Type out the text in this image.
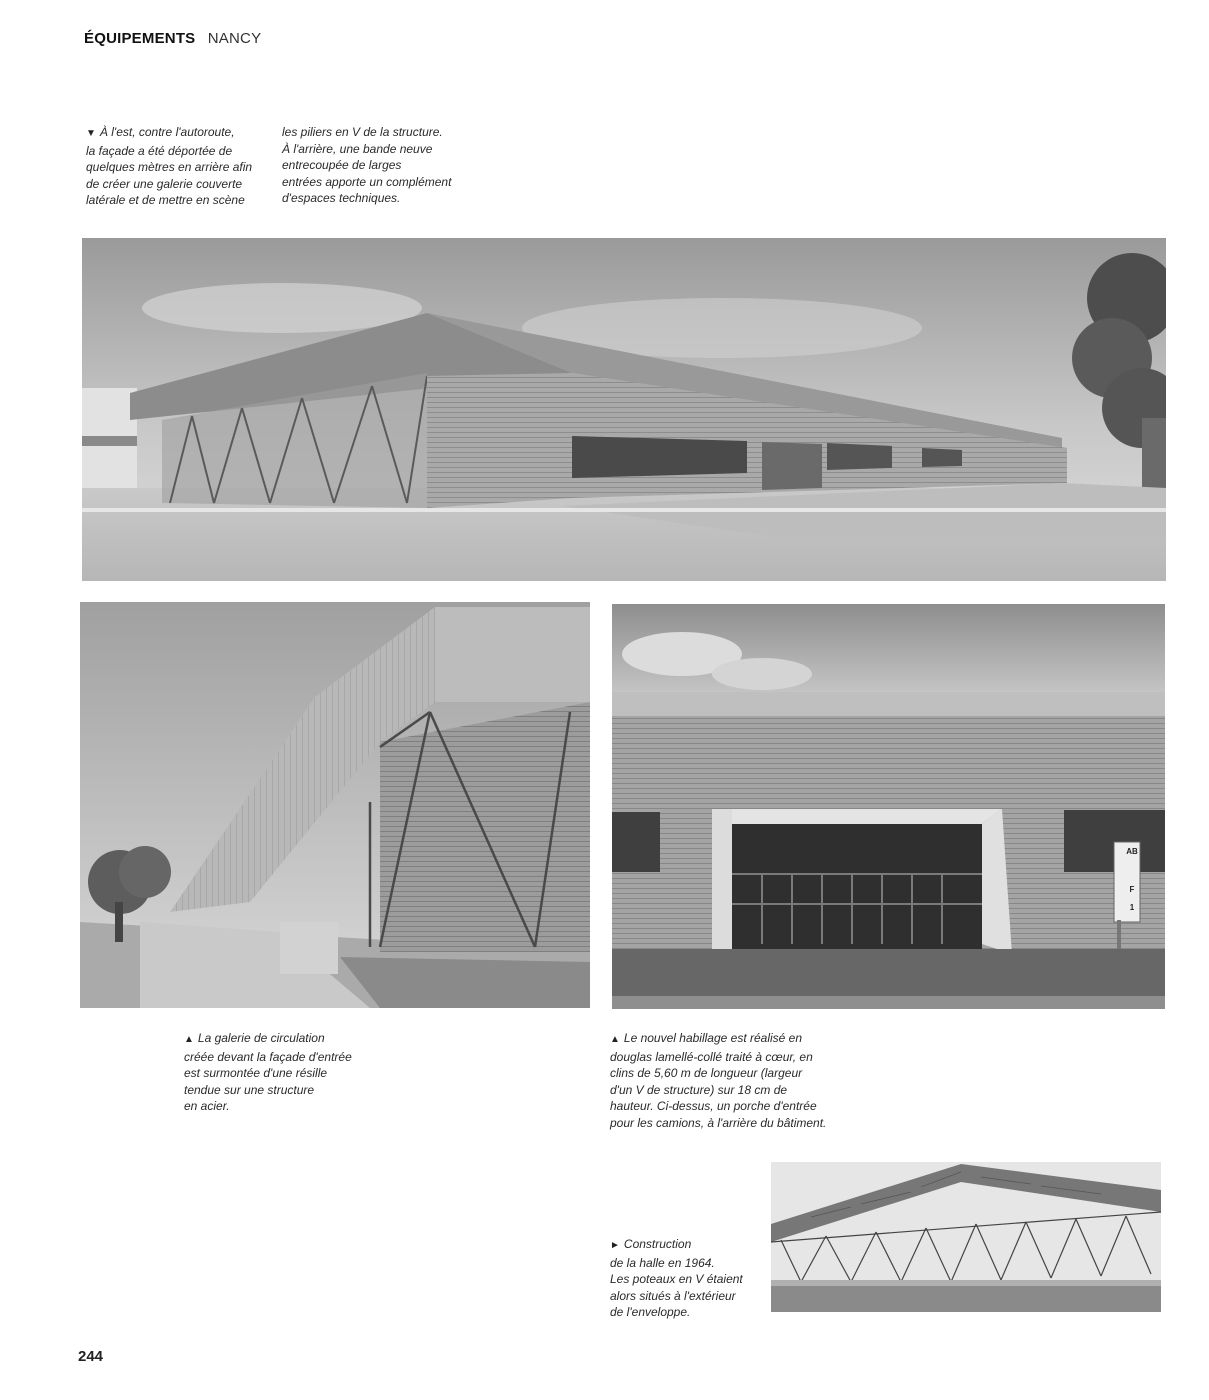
ÉQUIPEMENTS NANCY
▼ À l'est, contre l'autoroute,
la façade a été déportée de
quelques mètres en arrière afin
de créer une galerie couverte
latérale et de mettre en scène
les piliers en V de la structure.
À l'arrière, une bande neuve
entrecoupée de larges
entrées apporte un complément
d'espaces techniques.
AB
F
1
▲ La galerie de circulation
créée devant la façade d'entrée
est surmontée d'une résille
tendue sur une structure
en acier.
▲ Le nouvel habillage est réalisé en
douglas lamellé-collé traité à cœur, en
clins de 5,60 m de longueur (largeur
d'un V de structure) sur 18 cm de
hauteur. Ci-dessus, un porche d'entrée
pour les camions, à l'arrière du bâtiment.
► Construction
de la halle en 1964.
Les poteaux en V étaient
alors situés à l'extérieur
de l'enveloppe.
244
